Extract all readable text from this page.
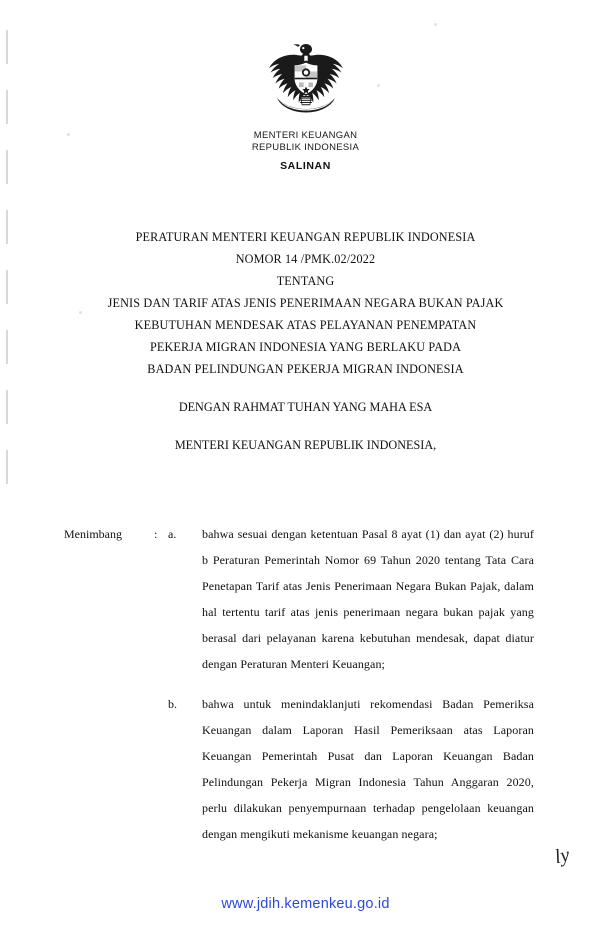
MENTERI KEUANGAN
REPUBLIK INDONESIA
SALINAN
PERATURAN MENTERI KEUANGAN REPUBLIK INDONESIA
NOMOR 14 /PMK.02/2022
TENTANG
JENIS DAN TARIF ATAS JENIS PENERIMAAN NEGARA BUKAN PAJAK
KEBUTUHAN MENDESAK ATAS PELAYANAN PENEMPATAN
PEKERJA MIGRAN INDONESIA YANG BERLAKU PADA
BADAN PELINDUNGAN PEKERJA MIGRAN INDONESIA
DENGAN RAHMAT TUHAN YANG MAHA ESA
MENTERI KEUANGAN REPUBLIK INDONESIA,
Menimbang	: a.	bahwa sesuai dengan ketentuan Pasal 8 ayat (1) dan ayat (2) huruf b Peraturan Pemerintah Nomor 69 Tahun 2020 tentang Tata Cara Penetapan Tarif atas Jenis Penerimaan Negara Bukan Pajak, dalam hal tertentu tarif atas jenis penerimaan negara bukan pajak yang berasal dari pelayanan karena kebutuhan mendesak, dapat diatur dengan Peraturan Menteri Keuangan;
b.	bahwa untuk menindaklanjuti rekomendasi Badan Pemeriksa Keuangan dalam Laporan Hasil Pemeriksaan atas Laporan Keuangan Pemerintah Pusat dan Laporan Keuangan Badan Pelindungan Pekerja Migran Indonesia Tahun Anggaran 2020, perlu dilakukan penyempurnaan terhadap pengelolaan keuangan dengan mengikuti mekanisme keuangan negara;
ly
www.jdih.kemenkeu.go.id
